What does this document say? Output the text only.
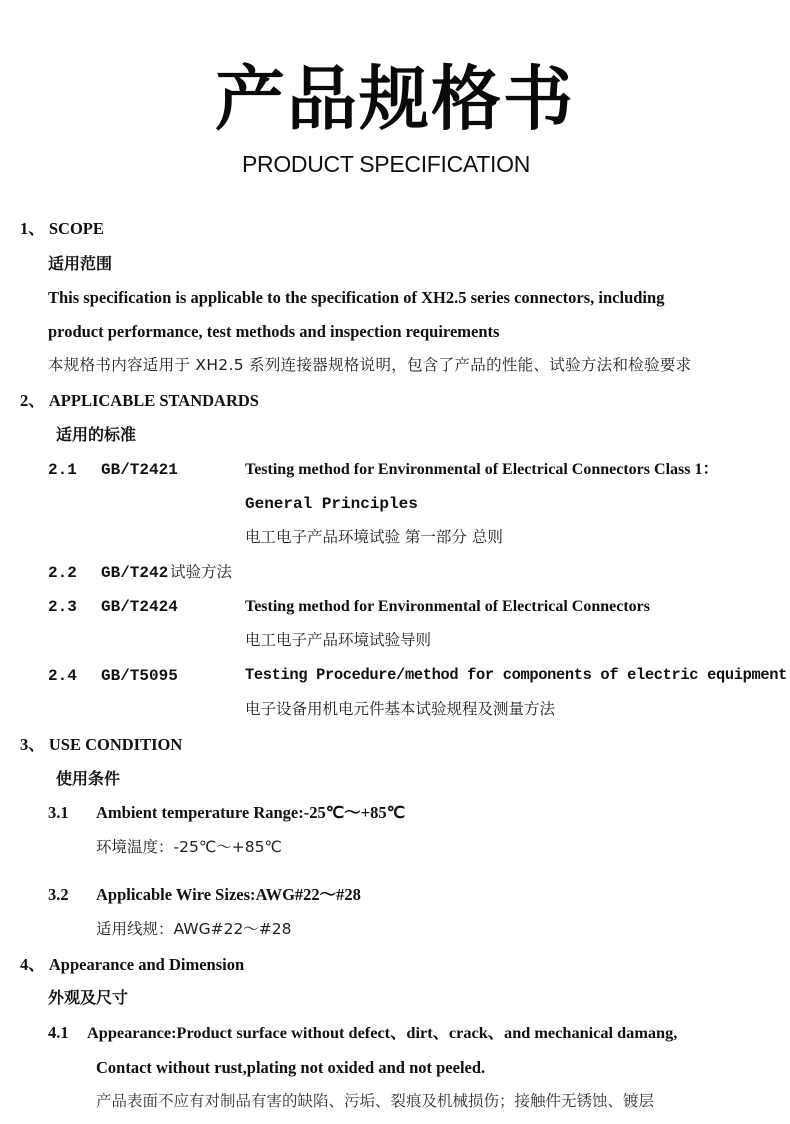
产品规格书
PRODUCT SPECIFICATION
1、 SCOPE
适用范围
This specification is applicable to the specification of XH2.5 series connectors, including
product performance, test methods and inspection requirements
本规格书内容适用于 XH2.5 系列连接器规格说明，包含了产品的性能、试验方法和检验要求
2、 APPLICABLE STANDARDS
适用的标准
2.1 GB/T2421	Testing method for Environmental of Electrical Connectors Class 1：
General Principles
电工电子产品环境试验 第一部分 总则
2.2 GB/T242 试验方法
2.3 GB/T2424	Testing method for Environmental of Electrical Connectors
电工电子产品环境试验导则
2.4 GB/T5095	Testing Procedure/method for components of electric equipment
电子设备用机电元件基本试验规程及测量方法
3、 USE CONDITION
使用条件
3.1 Ambient temperature Range:-25℃～+85℃
环境温度：-25℃～+85℃
3.2 Applicable Wire Sizes:AWG#22～#28
适用线规：AWG#22～#28
4、 Appearance and Dimension
外观及尺寸
4.1 Appearance:Product surface without defect、dirt、crack、and mechanical damang,
Contact without rust,plating not oxided and not peeled.
产品表面不应有对制品有害的缺陷、污垢、裂痕及机械损伤；接触件无锈蚀、镀层
